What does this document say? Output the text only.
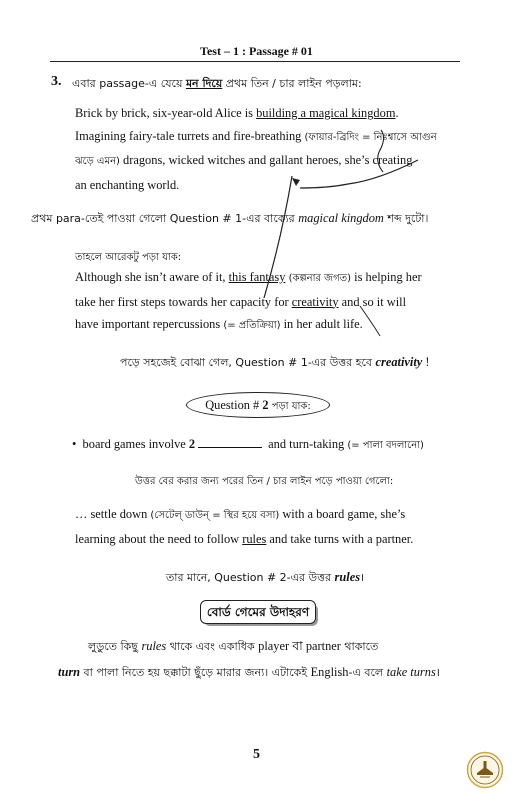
Test – 1 : Passage # 01
3. এবার passage-এ যেয়ে মন দিয়ে প্রথম তিন / চার লাইন পড়লাম:
Brick by brick, six-year-old Alice is building a magical kingdom.
Imagining fairy-tale turrets and fire-breathing (ফায়ার-ব্রিদিং = নিঃশ্বাসে আগুন
ঝড়ে এমন) dragons, wicked witches and gallant heroes, she’s creating
an enchanting world.
প্রথম para-তেই পাওয়া গেলো Question # 1-এর বাক্যের magical kingdom শব্দ দুটো।
তাহলে আরেকটু পড়া যাক:
Although she isn’t aware of it, this fantasy (কল্পনার জগত) is helping her
take her first steps towards her capacity for creativity and so it will
have important repercussions (= প্রতিক্রিয়া) in her adult life.
পড়ে সহজেই বোঝা গেল, Question # 1-এর উত্তর হবে creativity !
Question # 2 পড়া যাক:
• board games involve 2	and turn-taking (= পালা বদলানো)
উত্তর বের করার জন্য পরের তিন / চার লাইন পড়ে পাওয়া গেলো:
… settle down (সেটেল্‌ ডাউন্‌ = স্থির হয়ে বসা) with a board game, she’s
learning about the need to follow rules and take turns with a partner.
তার মানে, Question # 2-এর উত্তর rules।
বোর্ড গেমের উদাহরণ
লুডুতে কিছু rules থাকে এবং একাধিক player বা partner থাকাতে
turn বা পালা নিতে হয় ছক্কাটা ছুঁড়ে মারার জন্য। এটাকেই English-এ বলে take turns।
5
